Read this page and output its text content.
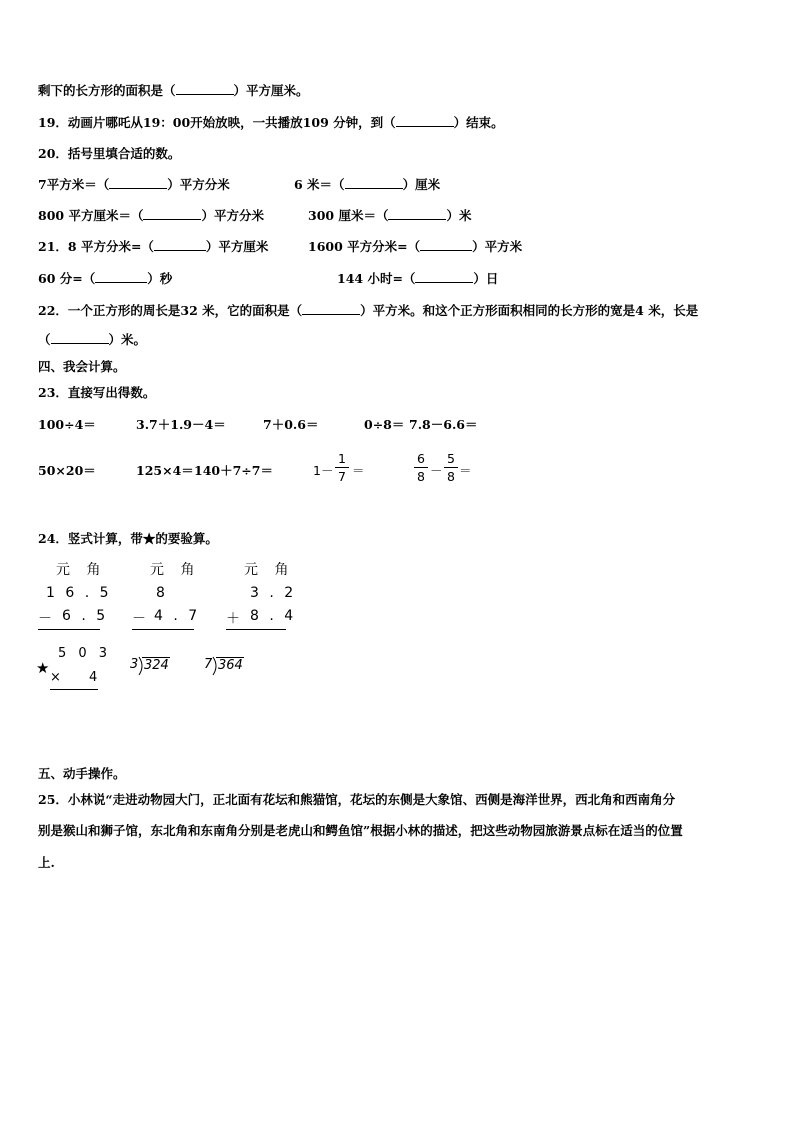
剩下的长方形的面积是（	）平方厘米。
19．动画片哪吒从19：00开始放映，一共播放109 分钟，到（	）结束。
20．括号里填合适的数。
7平方米＝（	）平方分米	6 米＝（	）厘米
800 平方厘米＝（	）平方分米	300 厘米＝（	）米
21．8 平方分米=（	）平方厘米	1600 平方分米=（	）平方米
60 分=（	）秒	144 小时=（	）日
22．一个正方形的周长是32 米，它的面积是（	）平方米。和这个正方形面积相同的长方形的宽是4 米，长是
（	）米。
四、我会计算。
23．直接写出得数。
100÷4＝	3.7＋1.9－4＝	7＋0.6＝	0÷8＝ 7.8－6.6＝
50×20＝	125×4＝ 140＋7÷7＝	1－
1
7 ＝
6
8 －
5
8 ＝
24．竖式计算，带★的要验算。
元 角
1 6 . 5
－ 6 . 5
元 角
8
－ 4 . 7
元 角
3 . 2
＋ 8 . 4
5 0 3
★
× 4
3 324	7 364
五、动手操作。
25．小林说“走进动物园大门，正北面有花坛和熊猫馆，花坛的东侧是大象馆、西侧是海洋世界，西北角和西南角分
别是猴山和狮子馆，东北角和东南角分别是老虎山和鳄鱼馆”根据小林的描述，把这些动物园旅游景点标在适当的位置
上.
